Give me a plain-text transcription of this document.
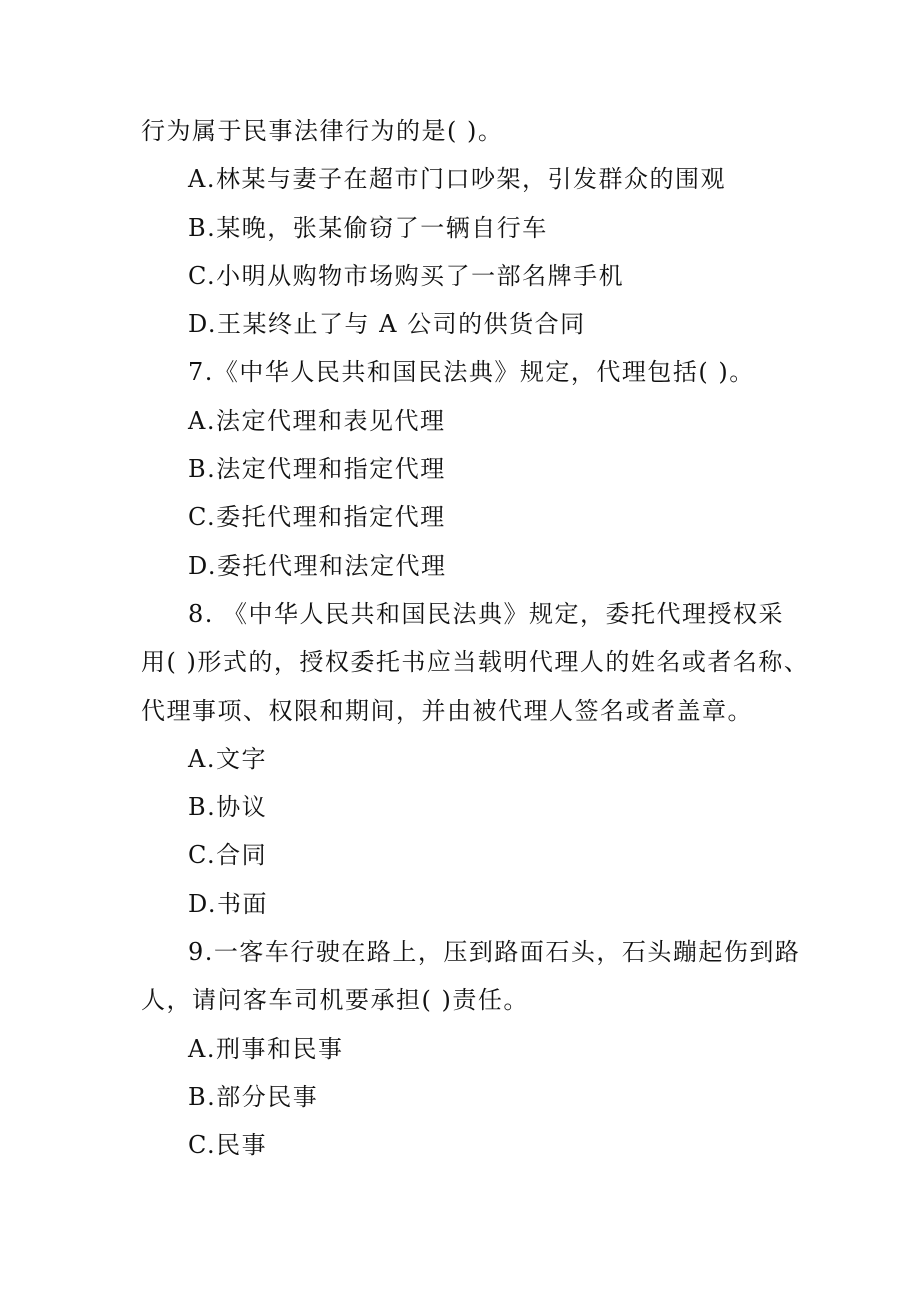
行为属于民事法律行为的是( )。
A.林某与妻子在超市门口吵架，引发群众的围观
B.某晚，张某偷窃了一辆自行车
C.小明从购物市场购买了一部名牌手机
D.王某终止了与 A 公司的供货合同
7.《中华人民共和国民法典》规定，代理包括( )。
A.法定代理和表见代理
B.法定代理和指定代理
C.委托代理和指定代理
D.委托代理和法定代理
8. 《中华人民共和国民法典》规定，委托代理授权采
用( )形式的，授权委托书应当载明代理人的姓名或者名称、
代理事项、权限和期间，并由被代理人签名或者盖章。
A.文字
B.协议
C.合同
D.书面
9.一客车行驶在路上，压到路面石头，石头蹦起伤到路
人，请问客车司机要承担( )责任。
A.刑事和民事
B.部分民事
C.民事
